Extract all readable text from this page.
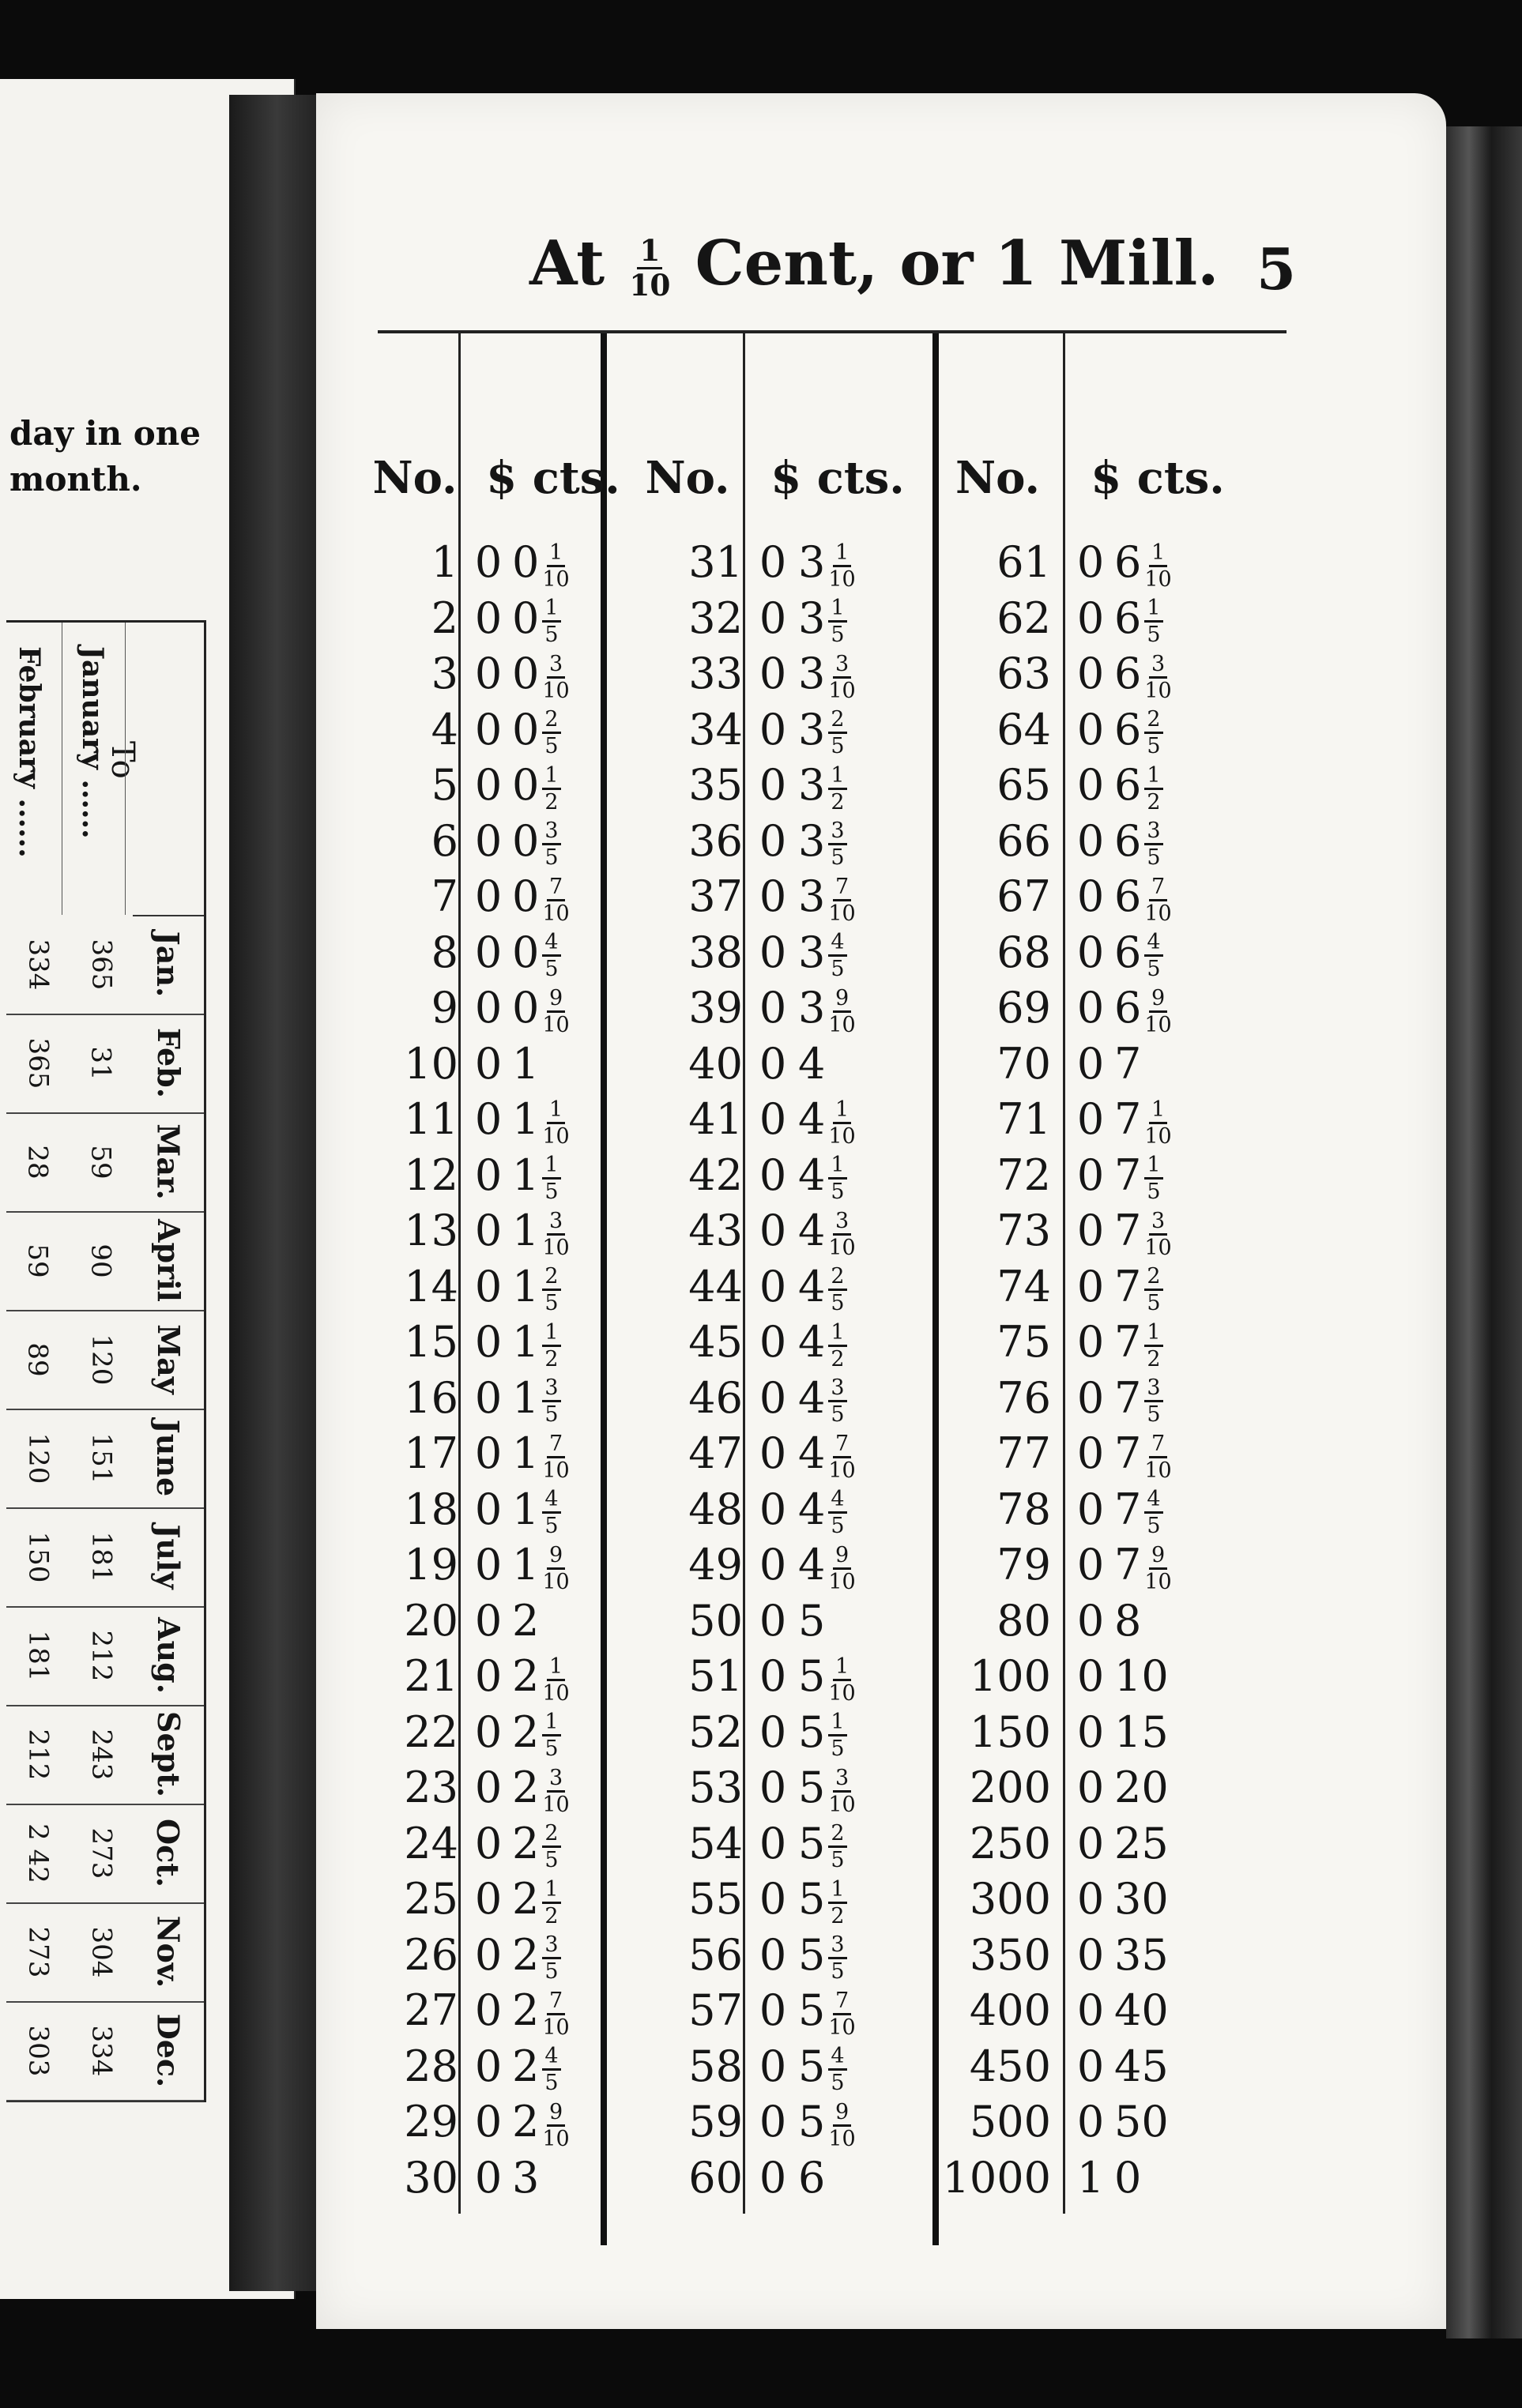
day in one
month.
To
February ...... January ......
334 365 Jan.
365 31 Feb.
28 59 Mar.
59 90 April
89 120 May
120 151 June
150 181 July
181 212 Aug.
212 243 Sept.
2 42 273 Oct.
273 304 Nov.
303 334 Dec.
At $\frac{1}{10}$ Cent, or 1 Mill. 5
No. $ cts.
1 0 $0 \frac{1}{10}$
2 0 $0 \frac{1}{5}$
3 0 $0 \frac{3}{10}$
4 0 $0 \frac{2}{5}$
5 0 $0 \frac{1}{2}$
6 0 $0 \frac{3}{5}$
7 0 $0 \frac{7}{10}$
8 0 $0 \frac{4}{5}$
9 0 $0 \frac{9}{10}$
10 0 1
11 0 $1 \frac{1}{10}$
12 0 $1 \frac{1}{5}$
13 0 $1 \frac{3}{10}$
14 0 $1 \frac{2}{5}$
15 0 $1 \frac{1}{2}$
16 0 $1 \frac{3}{5}$
17 0 $1 \frac{7}{10}$
18 0 $1 \frac{4}{5}$
19 0 $1 \frac{9}{10}$
20 0 2
21 0 $2 \frac{1}{10}$
22 0 $2 \frac{1}{5}$
23 0 $2 \frac{3}{10}$
24 0 $2 \frac{2}{5}$
25 0 $2 \frac{1}{2}$
26 0 $2 \frac{3}{5}$
27 0 $2 \frac{7}{10}$
28 0 $2 \frac{4}{5}$
29 0 $2 \frac{9}{10}$
30 0 3
No. $ cts.
31 0 $3 \frac{1}{10}$
32 0 $3 \frac{1}{5}$
33 0 $3 \frac{3}{10}$
34 0 $3 \frac{2}{5}$
35 0 $3 \frac{1}{2}$
36 0 $3 \frac{3}{5}$
37 0 $3 \frac{7}{10}$
38 0 $3 \frac{4}{5}$
39 0 $3 \frac{9}{10}$
40 0 4
41 0 $4 \frac{1}{10}$
42 0 $4 \frac{1}{5}$
43 0 $4 \frac{3}{10}$
44 0 $4 \frac{2}{5}$
45 0 $4 \frac{1}{2}$
46 0 $4 \frac{3}{5}$
47 0 $4 \frac{7}{10}$
48 0 $4 \frac{4}{5}$
49 0 $4 \frac{9}{10}$
50 0 5
51 0 $5 \frac{1}{10}$
52 0 $5 \frac{1}{5}$
53 0 $5 \frac{3}{10}$
54 0 $5 \frac{2}{5}$
55 0 $5 \frac{1}{2}$
56 0 $5 \frac{3}{5}$
57 0 $5 \frac{7}{10}$
58 0 $5 \frac{4}{5}$
59 0 $5 \frac{9}{10}$
60 0 6
No.	$ cts.
61 0 $6 \frac{1}{10}$
62 0 $6 \frac{1}{5}$
63 0 $6 \frac{3}{10}$
64 0 $6 \frac{2}{5}$
65 0 $6 \frac{1}{2}$
66 0 $6 \frac{3}{5}$
67 0 $6 \frac{7}{10}$
68 0 $6 \frac{4}{5}$
69 0 $6 \frac{9}{10}$
70 0 7
71 0 $7 \frac{1}{10}$
72 0 $7 \frac{1}{5}$
73 0 $7 \frac{3}{10}$
74 0 $7 \frac{2}{5}$
75 0 $7 \frac{1}{2}$
76 0 $7 \frac{3}{5}$
77 0 $7 \frac{7}{10}$
78 0 $7 \frac{4}{5}$
79 0 $7 \frac{9}{10}$
80 0 8
100 0 10
150 0 15
200 0 20
250 0 25
300 0 30
350 0 35
400 0 40
450 0 45
500 0 50
1000 1 0
